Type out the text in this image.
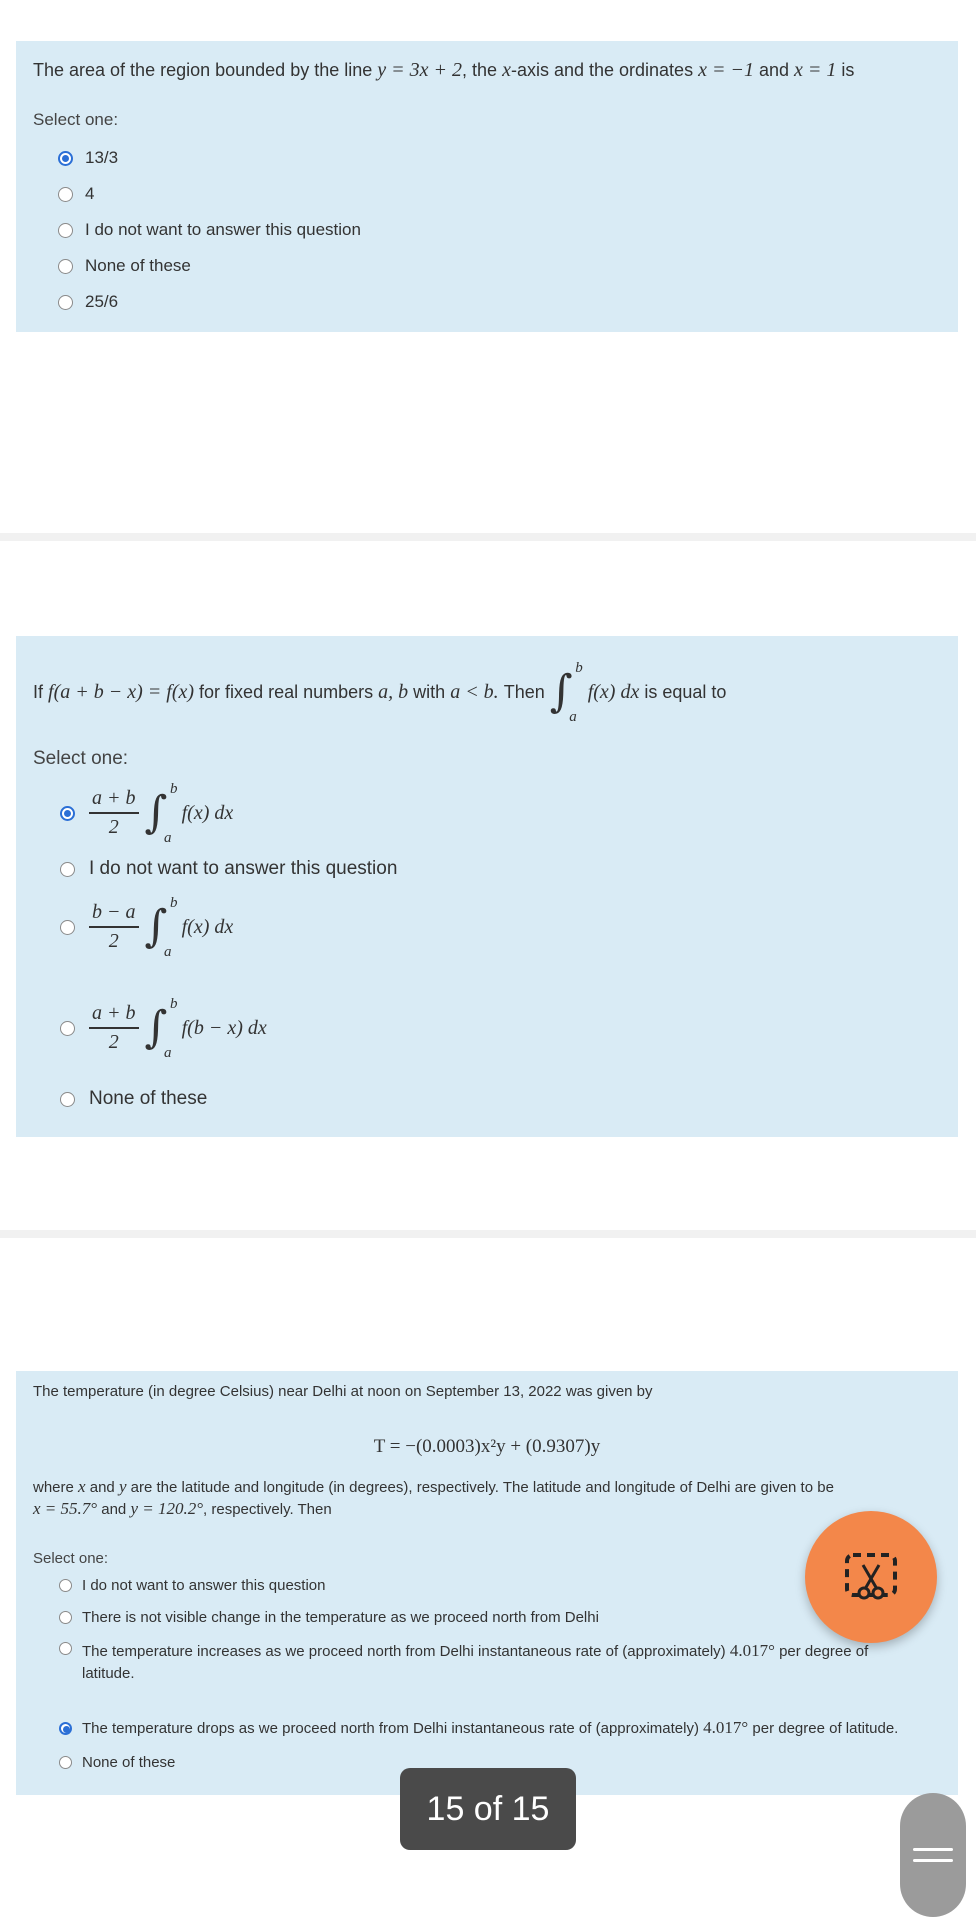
The area of the region bounded by the line y = 3x + 2, the x-axis and the ordinates x = −1 and x = 1 is
Select one:
13/3
4
I do not want to answer this question
None of these
25/6
If
f(a + b − x) = f(x)
for fixed real numbers
a, b
with
a < b.
Then
∫ b
a

f(x) dx
is equal to
Select one:
$\frac{a + b}{2}$ ∫ b
a

f(x) dx
I do not want to answer this question
$\frac{b - a}{2}$ ∫ b
a

f(x) dx
$\frac{a + b}{2}$ ∫ b
a

f(b − x) dx
None of these
The temperature (in degree Celsius) near Delhi at noon on September 13, 2022 was given by
T = −(0.0003)x²y + (0.9307)y
where x and y are the latitude and longitude (in degrees), respectively. The latitude and longitude of Delhi are given to be
x = 55.7° and y = 120.2°, respectively. Then
Select one:
I do not want to answer this question
There is not visible change in the temperature as we proceed north from Delhi
The temperature increases as we proceed north from Delhi instantaneous rate of (approximately) 4.017° per degree of
latitude.
The temperature drops as we proceed north from Delhi instantaneous rate of (approximately)
4.017°
per degree of latitude.
None of these
15 of 15
